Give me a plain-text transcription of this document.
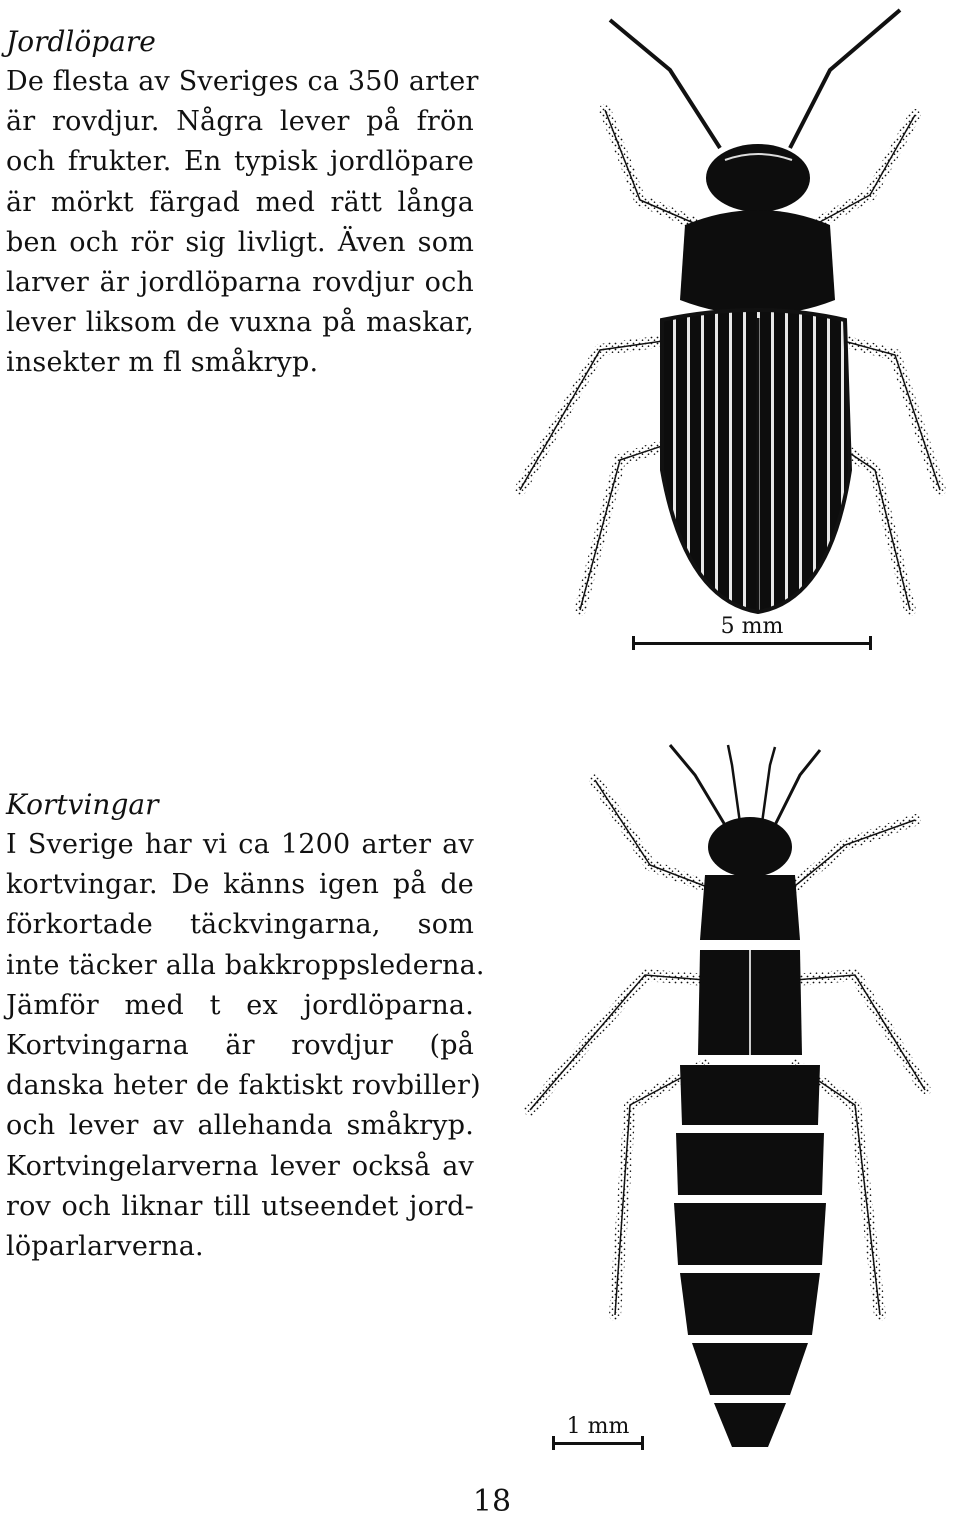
Jordlöpare

De flesta av Sveriges ca 350 arter
är rovdjur. Några lever på frön
och frukter. En typisk jordlöpare
är mörkt färgad med rätt långa
ben och rör sig livligt. Även som
larver är jordlöparna rovdjur och
lever liksom de vuxna på maskar,
insekter m fl småkryp.

5 mm

Kortvingar

I Sverige har vi ca 1200 arter av
kortvingar. De känns igen på de
förkortade täckvingarna, som
inte täcker alla bakkroppslederna.
Jämför med t ex jordlöparna.
Kortvingarna är rovdjur (på
danska heter de faktiskt rovbiller)
och lever av allehanda småkryp.
Kortvingelarverna lever också av
rov och liknar till utseendet jord-
löparlarverna.

1 mm
18
